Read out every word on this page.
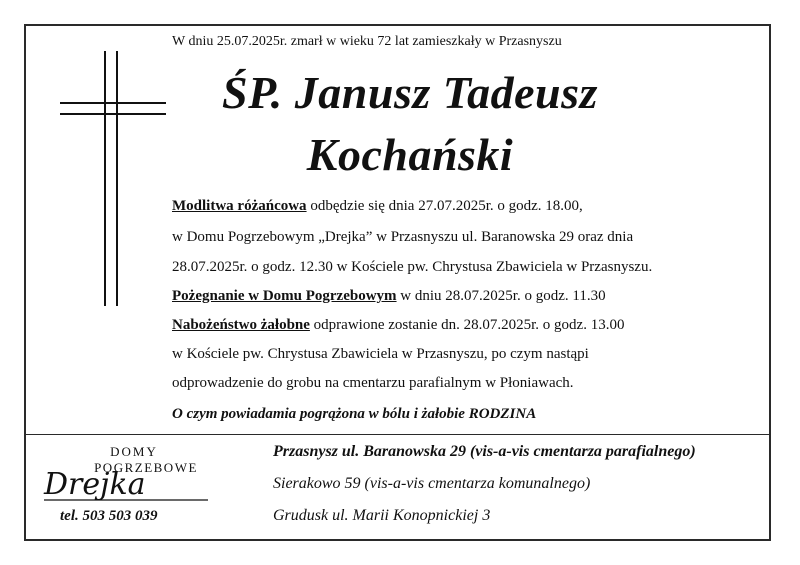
W dniu 25.07.2025r. zmarł w wieku 72 lat zamieszkały w Przasnyszu
ŚP. Janusz Tadeusz
Kochański
Modlitwa różańcowa odbędzie się dnia 27.07.2025r. o godz. 18.00,
w Domu Pogrzebowym „Drejka” w Przasnyszu ul. Baranowska 29 oraz dnia
28.07.2025r. o godz. 12.30 w Kościele pw. Chrystusa Zbawiciela w Przasnyszu.
Pożegnanie w Domu Pogrzebowym w dniu 28.07.2025r. o godz. 11.30
Nabożeństwo żałobne odprawione zostanie dn. 28.07.2025r. o godz. 13.00
w Kościele pw. Chrystusa Zbawiciela w Przasnyszu, po czym nastąpi
odprowadzenie do grobu na cmentarzu parafialnym w Płoniawach.
O czym powiadamia pogrążona w bólu i żałobie RODZINA
DOMY
POGRZEBOWE
Drejka
tel. 503 503 039
Przasnysz ul. Baranowska 29 (vis-a-vis cmentarza parafialnego)
Sierakowo 59 (vis-a-vis cmentarza komunalnego)
Grudusk ul. Marii Konopnickiej 3
